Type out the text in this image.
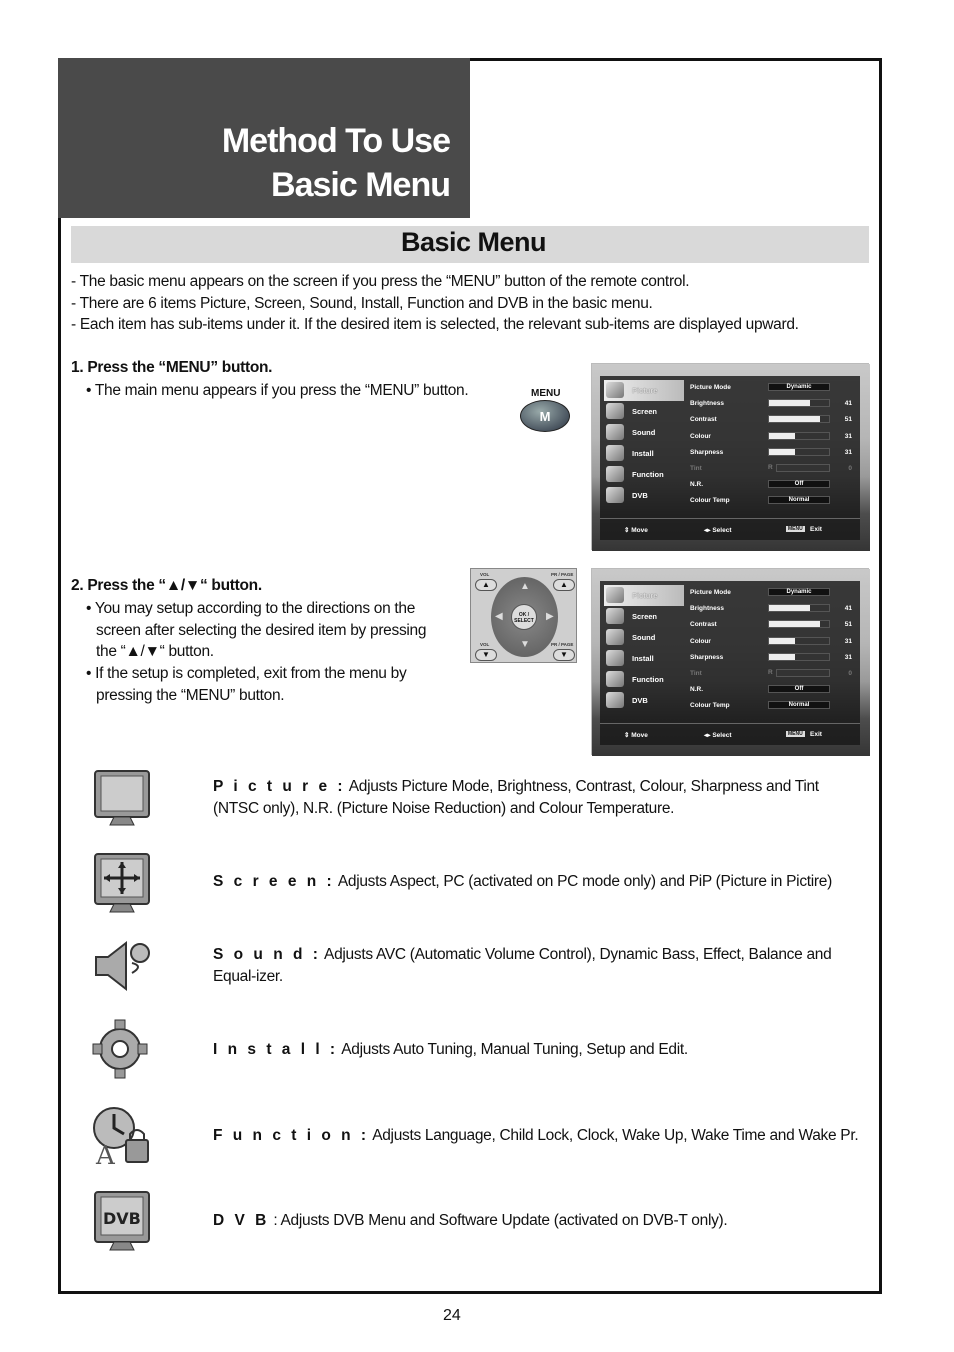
Method To Use
Basic Menu
Basic Menu
- The basic menu appears on the screen if you press the “MENU” button of the remote control.
- There are 6 items Picture, Screen, Sound, Install, Function and DVB in the basic menu.
- Each item has sub-items under it. If the desired item is selected, the relevant sub-items are displayed upward.
1. Press the “MENU” button.
• The main menu appears if you press the “MENU” button.	MENU
M
2. Press the “▲/▼“ button.
• You may setup according to the directions on the screen after selecting the desired item by pressing the “▲/▼“ button.
• If the setup is completed, exit from the menu by pressing the “MENU” button.
VOL	PR / PAGE
VOL	PR / PAGE
▲
▼
◀	▶
OK / SELECT
▲	▲
▼	▼
Picture
Screen
Sound
Install
Function
DVB
Picture Mode	Dynamic
Brightness	41
Contrast	51
Colour	31
Sharpness	31
Tint	R	0
N.R.	Off
Colour Temp	Normal
⇕ Move	◂▸ Select	MENU	Exit
Picture
Screen
Sound
Install
Function
DVB
Picture Mode	Dynamic
Brightness	41
Contrast	51
Colour	31
Sharpness	31
Tint	R	0
N.R.	Off
Colour Temp	Normal
⇕ Move	◂▸ Select	MENU	Exit
A
DVB
P i c t u r e : Adjusts Picture Mode, Brightness, Contrast, Colour, Sharpness and Tint (NTSC only), N.R. (Picture Noise Reduction) and Colour Temperature.
S c r e e n : Adjusts Aspect, PC (activated on PC mode only) and PiP (Picture in Pictire)
S o u n d : Adjusts AVC (Automatic Volume Control), Dynamic Bass, Effect, Balance and Equal-izer.
I n s t a l l : Adjusts Auto Tuning, Manual Tuning, Setup and Edit.
F u n c t i o n : Adjusts Language, Child Lock, Clock, Wake Up, Wake Time and Wake Pr.
D V B : Adjusts DVB Menu and Software Update (activated on DVB-T only).
24
